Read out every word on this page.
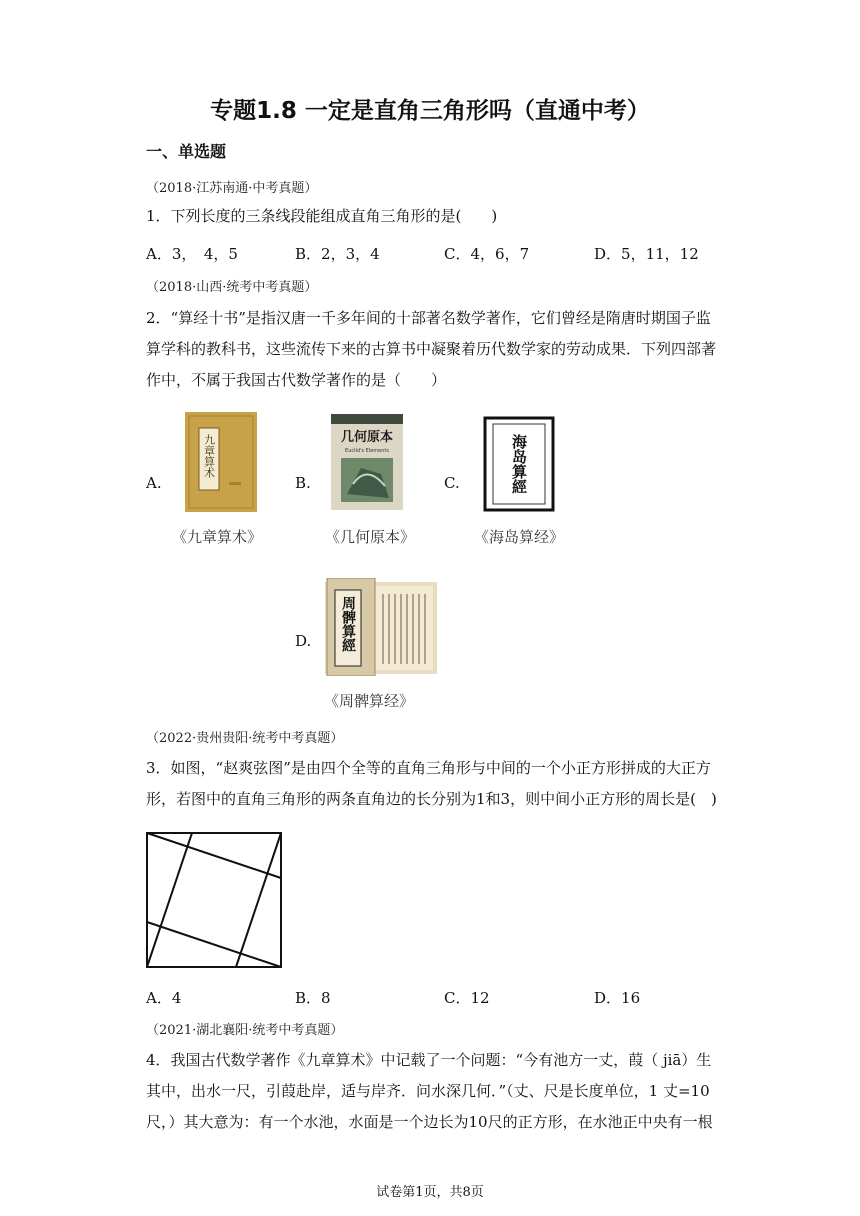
专题1.8 一定是直角三角形吗（直通中考）
一、单选题
（2018·江苏南通·中考真题）
1．下列长度的三条线段能组成直角三角形的是(　　)
A．3，　4，5	B．2，3，4	C．4，6，7	D．5，11，12
（2018·山西·统考中考真题）
2．“算经十书”是指汉唐一千多年间的十部著名数学著作，它们曾经是隋唐时期国子监
算学科的教科书，这些流传下来的古算书中凝聚着历代数学家的劳动成果．下列四部著
作中，不属于我国古代数学著作的是（　　）
A.	B.	C.
D.
九章算术
《九章算术》
几何原本
Euclid's Elements
《几何原本》
海岛算經
《海岛算经》
周髀算經
《周髀算经》
（2022·贵州贵阳·统考中考真题）
3．如图，“赵爽弦图”是由四个全等的直角三角形与中间的一个小正方形拼成的大正方
形，若图中的直角三角形的两条直角边的长分别为1和3，则中间小正方形的周长是(　)
A．4	B．8	C．12	D．16
（2021·湖北襄阳·统考中考真题）
4．我国古代数学著作《九章算术》中记载了一个问题：“今有池方一丈，葭（ jiā）生
其中，出水一尺，引葭赴岸，适与岸齐．问水深几何．”（丈、尺是长度单位，1 丈=10
尺，）其大意为：有一个水池，水面是一个边长为10尺的正方形，在水池正中央有一根
试卷第1页，共8页
